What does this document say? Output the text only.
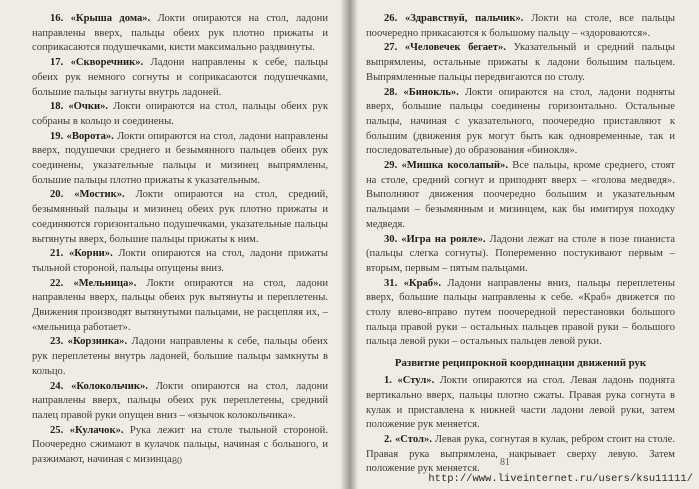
16. «Крыша дома». Локти опираются на стол, ладони направлены вверх, пальцы обеих рук плотно прижаты и соприкасаются подушечками, кисти максимально раздвинуты.

17. «Скворечник». Ладони направлены к себе, пальцы обеих рук немного согнуты и соприкасаются подушечками, большие пальцы загнуты внутрь ладоней.

18. «Очки». Локти опираются на стол, пальцы обеих рук собраны в кольцо и соединены.

19. «Ворота». Локти опираются на стол, ладони направлены вверх, подушечки среднего и безымянного пальцев обеих рук соединены, указательные пальцы и мизинец выпрямлены, большие пальцы плотно прижаты к указательным.

20. «Мостик». Локти опираются на стол, средний, безымянный пальцы и мизинец обеих рук плотно прижаты и соединяются горизонтально подушечками, указательные пальцы вытянуты вверх, большие пальцы прижаты к ним.

21. «Корни». Локти опираются на стол, ладони прижаты тыльной стороной, пальцы опущены вниз.

22. «Мельница». Локти опираются на стол, ладони направлены вверх, пальцы обеих рук вытянуты и переплетены. Движения производят вытянутыми пальцами, не расцепляя их, – «мельница работает».

23. «Корзинка». Ладони направлены к себе, пальцы обеих рук переплетены внутрь ладоней, большие пальцы замкнуты в кольцо.

24. «Колокольчик». Локти опираются на стол, ладони направлены вверх, пальцы обеих рук переплетены, средний палец правой руки опущен вниз – «язычок колокольчика».

25. «Кулачок». Рука лежит на столе тыльной стороной. Поочередно сжимают в кулачок пальцы, начиная с большого, и разжимают, начиная с мизинца.

80

26. «Здравствуй, пальчик». Локти на столе, все пальцы поочередно прикасаются к большому пальцу – «здороваются».

27. «Человечек бегает». Указательный и средний пальцы выпрямлены, остальные прижаты к ладони большим пальцем. Выпрямленные пальцы передвигаются по столу.

28. «Бинокль». Локти опираются на стол, ладони подняты вверх, большие пальцы соединены горизонтально. Остальные пальцы, начиная с указательного, поочередно приставляют к большим (движения рук могут быть как одновременные, так и последовательные) до образования «бинокля».

29. «Мишка косолапый». Все пальцы, кроме среднего, стоят на столе, средний согнут и приподнят вверх – «голова медведя». Выполняют движения поочередно большим и указательным пальцами – безымянным и мизинцем, как бы имитируя походку медведя.

30. «Игра на рояле». Ладони лежат на столе в позе пианиста (пальцы слегка согнуты). Попеременно постукивают первым – вторым, первым – пятым пальцами.

31. «Краб». Ладони направлены вниз, пальцы переплетены вверх, большие пальцы направлены к себе. «Краб» движется по столу влево-вправо путем поочередной перестановки большого пальца правой руки – остальных пальцев правой руки – большого пальца левой руки – остальных пальцев левой руки.

Развитие реципрокной координации движений рук

1. «Стул». Локти опираются на стол. Левая ладонь поднята вертикально вверх, пальцы плотно сжаты. Правая рука согнута в кулак и приставлена к нижней части ладони левой руки, затем положение рук меняется.

2. «Стол». Левая рука, согнутая в кулак, ребром стоит на столе. Правая рука выпрямлена, накрывает сверху левую. Затем положение рук меняется.

81
http://www.liveinternet.ru/users/ksu11111/
